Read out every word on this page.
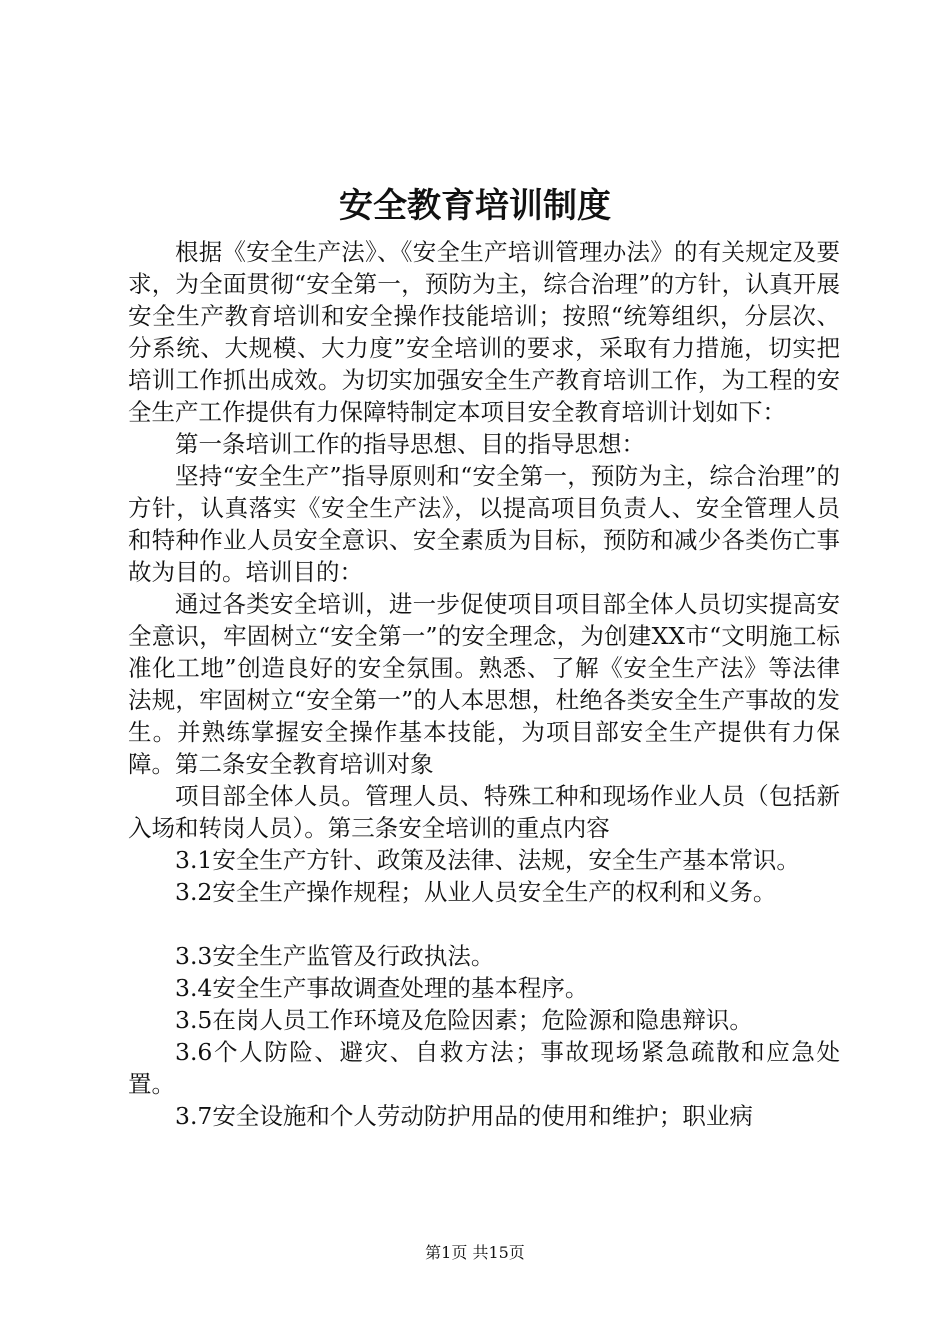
安全教育培训制度

根据《安全生产法》、《安全生产培训管理办法》的有关规定及要求，为全面贯彻“安全第一，预防为主，综合治理”的方针，认真开展安全生产教育培训和安全操作技能培训；按照“统筹组织，分层次、分系统、大规模、大力度”安全培训的要求，采取有力措施，切实把培训工作抓出成效。为切实加强安全生产教育培训工作，为工程的安全生产工作提供有力保障特制定本项目安全教育培训计划如下：

第一条培训工作的指导思想、目的指导思想：

坚持“安全生产”指导原则和“安全第一，预防为主，综合治理”的方针，认真落实《安全生产法》，以提高项目负责人、安全管理人员和特种作业人员安全意识、安全素质为目标，预防和减少各类伤亡事故为目的。培训目的：

通过各类安全培训，进一步促使项目项目部全体人员切实提高安全意识，牢固树立“安全第一”的安全理念，为创建XX市“文明施工标准化工地”创造良好的安全氛围。熟悉、了解《安全生产法》等法律法规，牢固树立“安全第一”的人本思想，杜绝各类安全生产事故的发生。并熟练掌握安全操作基本技能，为项目部安全生产提供有力保障。第二条安全教育培训对象

项目部全体人员。管理人员、特殊工种和现场作业人员（包括新入场和转岗人员）。第三条安全培训的重点内容

3.1安全生产方针、政策及法律、法规，安全生产基本常识。

3.2安全生产操作规程；从业人员安全生产的权利和义务。

3.3安全生产监管及行政执法。

3.4安全生产事故调查处理的基本程序。

3.5在岗人员工作环境及危险因素；危险源和隐患辩识。

3.6个人防险、避灾、自救方法；事故现场紧急疏散和应急处置。

3.7安全设施和个人劳动防护用品的使用和维护；职业病

第1页 共15页
